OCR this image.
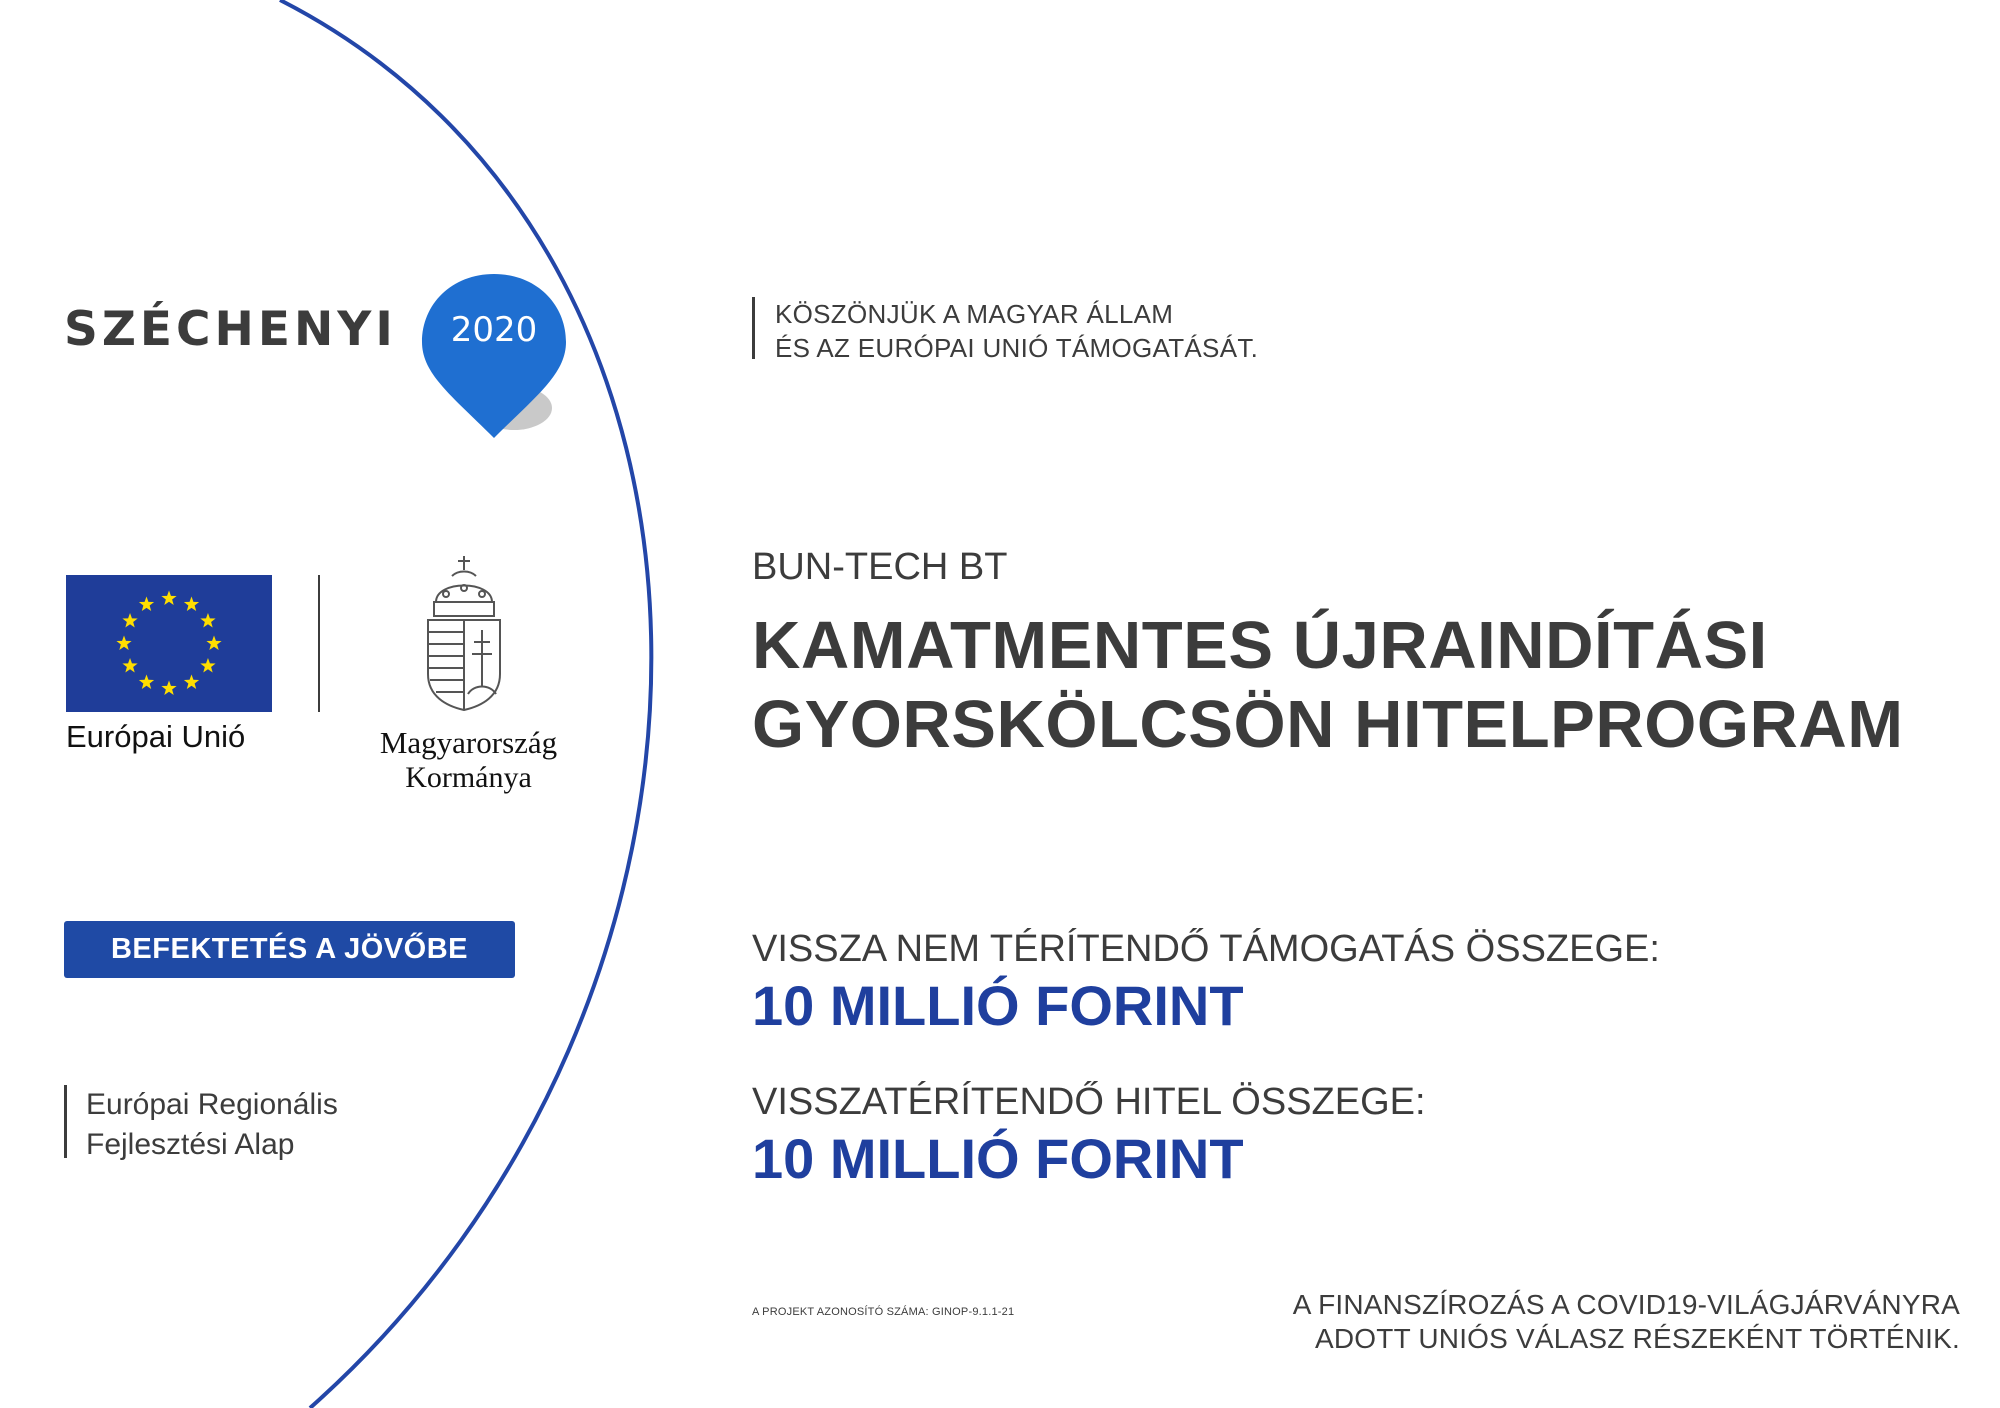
SZÉCHENYI	2020
Európai Unió	Magyarország
Kormánya
BEFEKTETÉS A JÖVŐBE
Európai Regionális
Fejlesztési Alap
KÖSZÖNJÜK A MAGYAR ÁLLAM
ÉS AZ EURÓPAI UNIÓ TÁMOGATÁSÁT.
BUN-TECH BT
KAMATMENTES ÚJRAINDÍTÁSI
GYORSKÖLCSÖN HITELPROGRAM
VISSZA NEM TÉRÍTENDŐ TÁMOGATÁS ÖSSZEGE:
10 MILLIÓ FORINT
VISSZATÉRÍTENDŐ HITEL ÖSSZEGE:
10 MILLIÓ FORINT
A PROJEKT AZONOSÍTÓ SZÁMA: GINOP-9.1.1-21	A FINANSZÍROZÁS A COVID19-VILÁGJÁRVÁNYRA
ADOTT UNIÓS VÁLASZ RÉSZEKÉNT TÖRTÉNIK.
